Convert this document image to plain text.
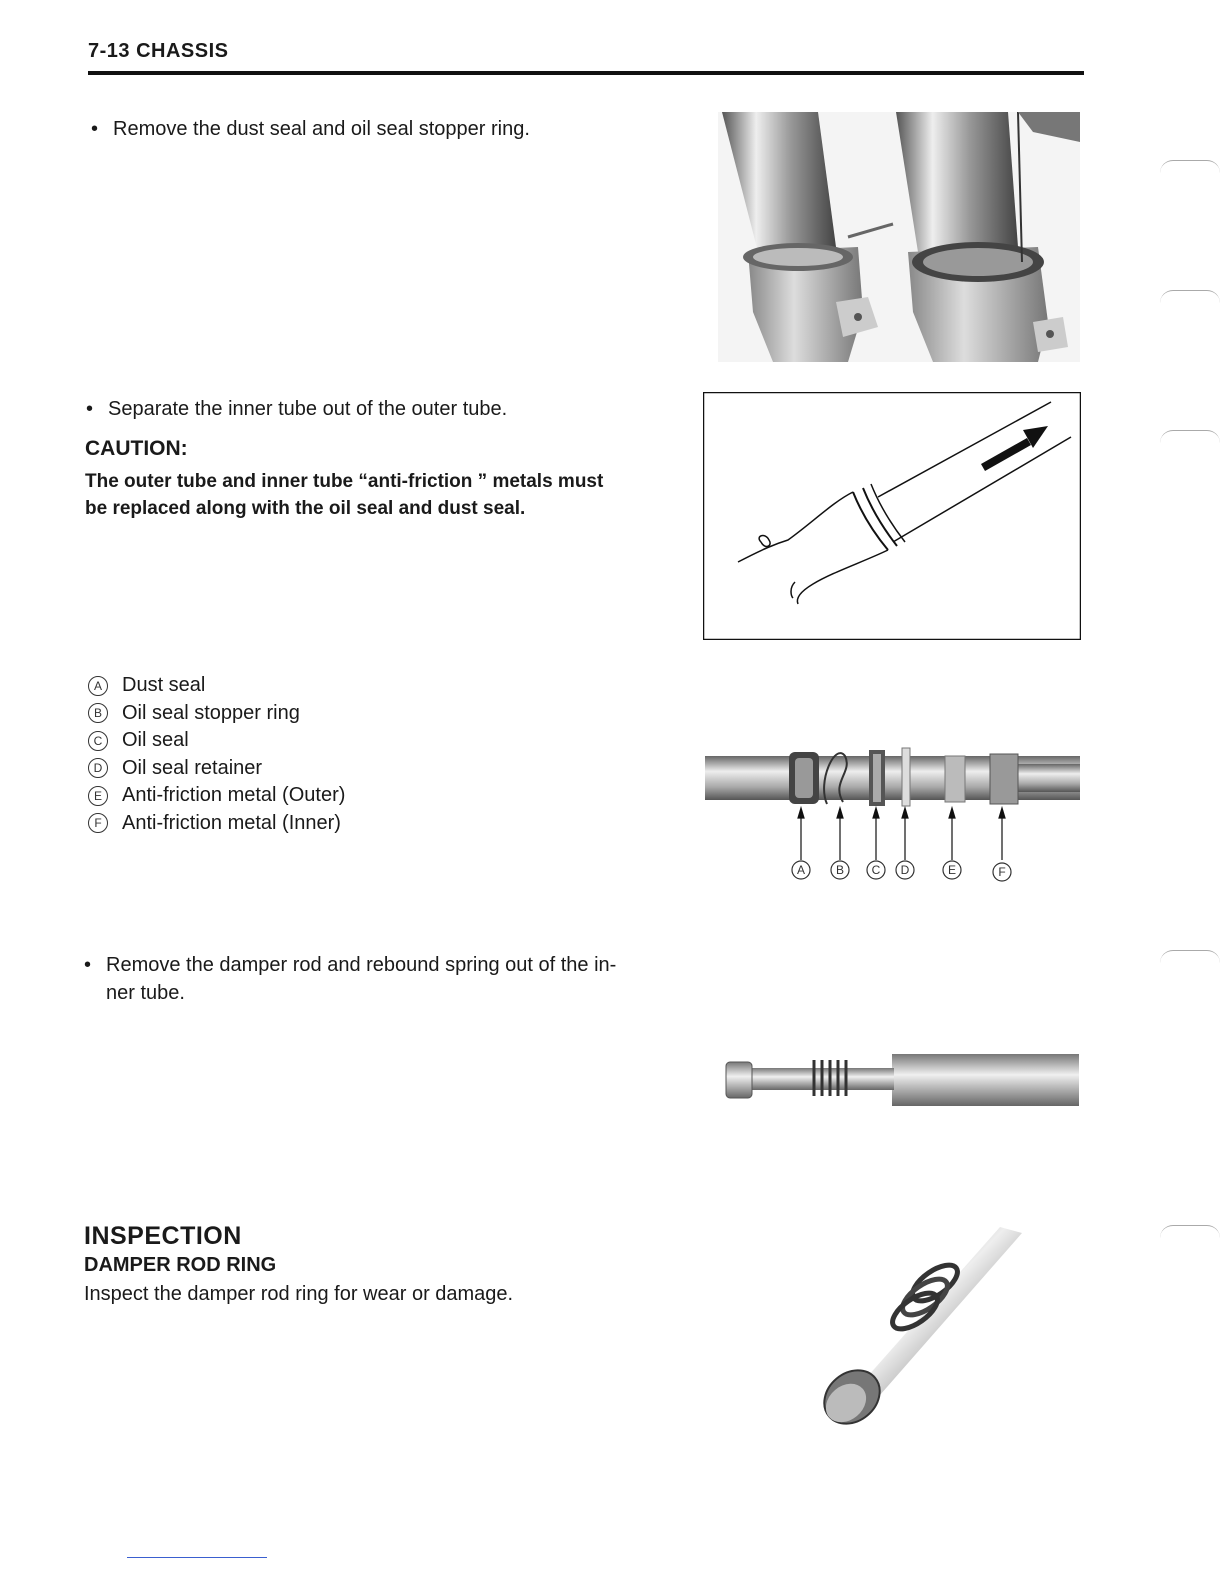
7-13 CHASSIS
• Remove the dust seal and oil seal stopper ring.
• Separate the inner tube out of the outer tube.
CAUTION:
The outer tube and inner tube “anti-friction ” metals must
be replaced along with the oil seal and dust seal.
A	Dust seal
B	Oil seal stopper ring
C Oil seal
D Oil seal retainer
E	Anti-friction metal (Outer)
F	Anti-friction metal (Inner)
A	B C D	E	F
• Remove the damper rod and rebound spring out of the in-
ner tube.
INSPECTION
DAMPER ROD RING
Inspect the damper rod ring for wear or damage.
